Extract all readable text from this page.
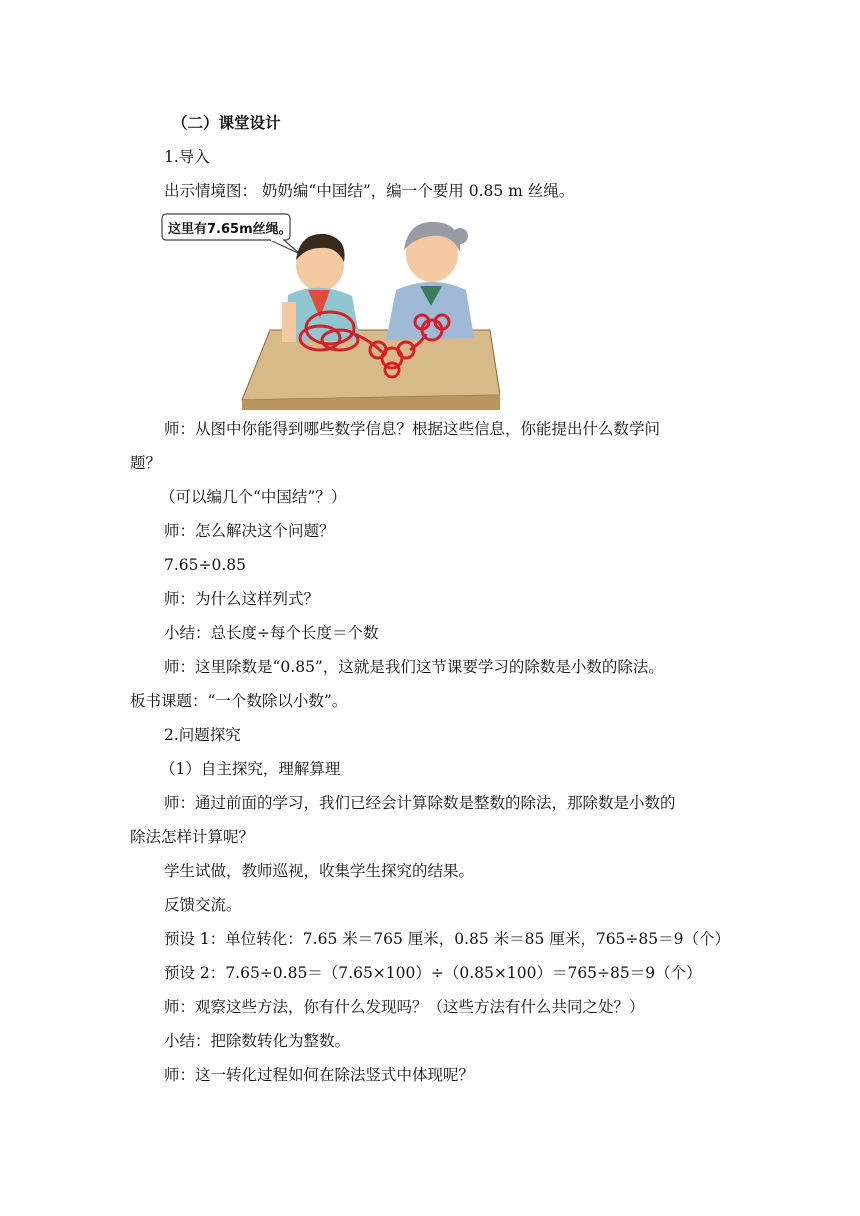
（二）课堂设计
1.导入
出示情境图： 奶奶编“中国结”，编一个要用 0.85 m 丝绳。
这里有7.65m丝绳。
师：从图中你能得到哪些数学信息？根据这些信息，你能提出什么数学问
题？
（可以编几个“中国结”？）
师：怎么解决这个问题？
7.65÷0.85
师：为什么这样列式？
小结：总长度÷每个长度＝个数
师：这里除数是“0.85”，这就是我们这节课要学习的除数是小数的除法。
板书课题：“一个数除以小数”。
2.问题探究
（1）自主探究，理解算理
师：通过前面的学习，我们已经会计算除数是整数的除法，那除数是小数的
除法怎样计算呢？
学生试做，教师巡视，收集学生探究的结果。
反馈交流。
预设 1：单位转化：7.65 米＝765 厘米，0.85 米＝85 厘米，765÷85＝9（个）
预设 2：7.65÷0.85＝（7.65×100）÷（0.85×100）＝765÷85＝9（个）
师：观察这些方法，你有什么发现吗？（这些方法有什么共同之处？）
小结：把除数转化为整数。
师：这一转化过程如何在除法竖式中体现呢？
